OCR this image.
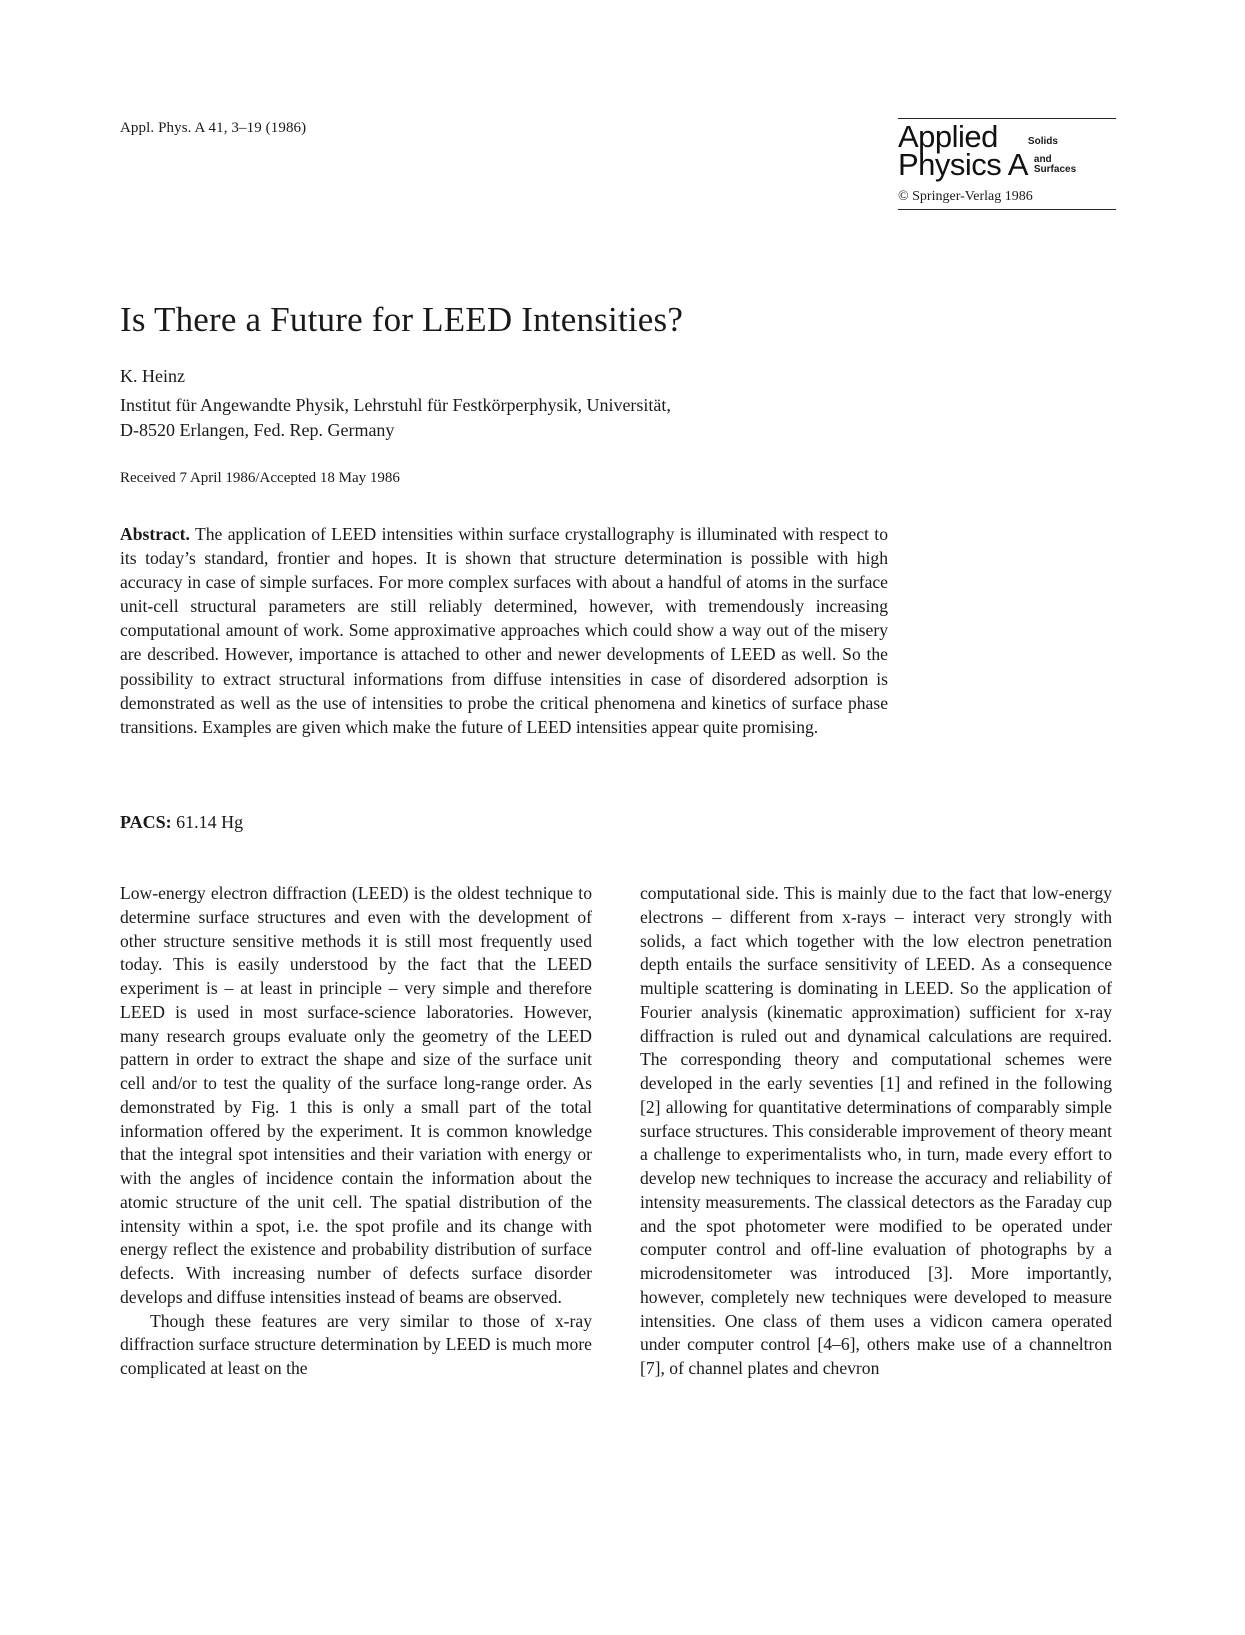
Appl. Phys. A 41, 3–19 (1986)	Applied	Solids
Physics A and
Surfaces
© Springer-Verlag 1986
Is There a Future for LEED Intensities?
K. Heinz
Institut für Angewandte Physik, Lehrstuhl für Festkörperphysik, Universität,
D-8520 Erlangen, Fed. Rep. Germany
Received 7 April 1986/Accepted 18 May 1986

Abstract. The application of LEED intensities within surface crystallography is illuminated with respect to its today’s standard, frontier and hopes. It is shown that structure determination is possible with high accuracy in case of simple surfaces. For more complex surfaces with about a handful of atoms in the surface unit-cell structural parameters are still reliably determined, however, with tremendously increasing computational amount of work. Some approximative approaches which could show a way out of the misery are described. However, importance is attached to other and newer developments of LEED as well. So the possibility to extract structural informations from diffuse intensities in case of disordered adsorption is demonstrated as well as the use of intensities to probe the critical phenomena and kinetics of surface phase transitions. Examples are given which make the future of LEED intensities appear quite promising.

PACS: 61.14 Hg

Low-energy electron diffraction (LEED) is the oldest technique to determine surface structures and even with the development of other structure sensitive methods it is still most frequently used today. This is easily understood by the fact that the LEED experiment is – at least in principle – very simple and therefore LEED is used in most surface-science laboratories. However, many research groups evaluate only the geometry of the LEED pattern in order to extract the shape and size of the surface unit cell and/or to test the quality of the surface long-range order. As demonstrated by Fig. 1 this is only a small part of the total information offered by the experiment. It is common knowledge that the integral spot intensities and their variation with energy or with the angles of incidence contain the information about the atomic structure of the unit cell. The spatial distribution of the intensity within a spot, i.e. the spot profile and its change with energy reflect the existence and probability distribution of surface defects. With increasing number of defects surface disorder develops and diffuse intensities instead of beams are observed.

Though these features are very similar to those of x-ray diffraction surface structure determination by LEED is much more complicated at least on the

computational side. This is mainly due to the fact that low-energy electrons – different from x-rays – interact very strongly with solids, a fact which together with the low electron penetration depth entails the surface sensitivity of LEED. As a consequence multiple scattering is dominating in LEED. So the application of Fourier analysis (kinematic approximation) sufficient for x-ray diffraction is ruled out and dynamical calculations are required. The corresponding theory and computational schemes were developed in the early seventies [1] and refined in the following [2] allowing for quantitative determinations of comparably simple surface structures. This considerable improvement of theory meant a challenge to experimentalists who, in turn, made every effort to develop new techniques to increase the accuracy and reliability of intensity measurements. The classical detectors as the Faraday cup and the spot photometer were modified to be operated under computer control and off-line evaluation of photographs by a microdensitometer was introduced [3]. More importantly, however, completely new techniques were developed to measure intensities. One class of them uses a vidicon camera operated under computer control [4–6], others make use of a channeltron [7], of channel plates and chevron
